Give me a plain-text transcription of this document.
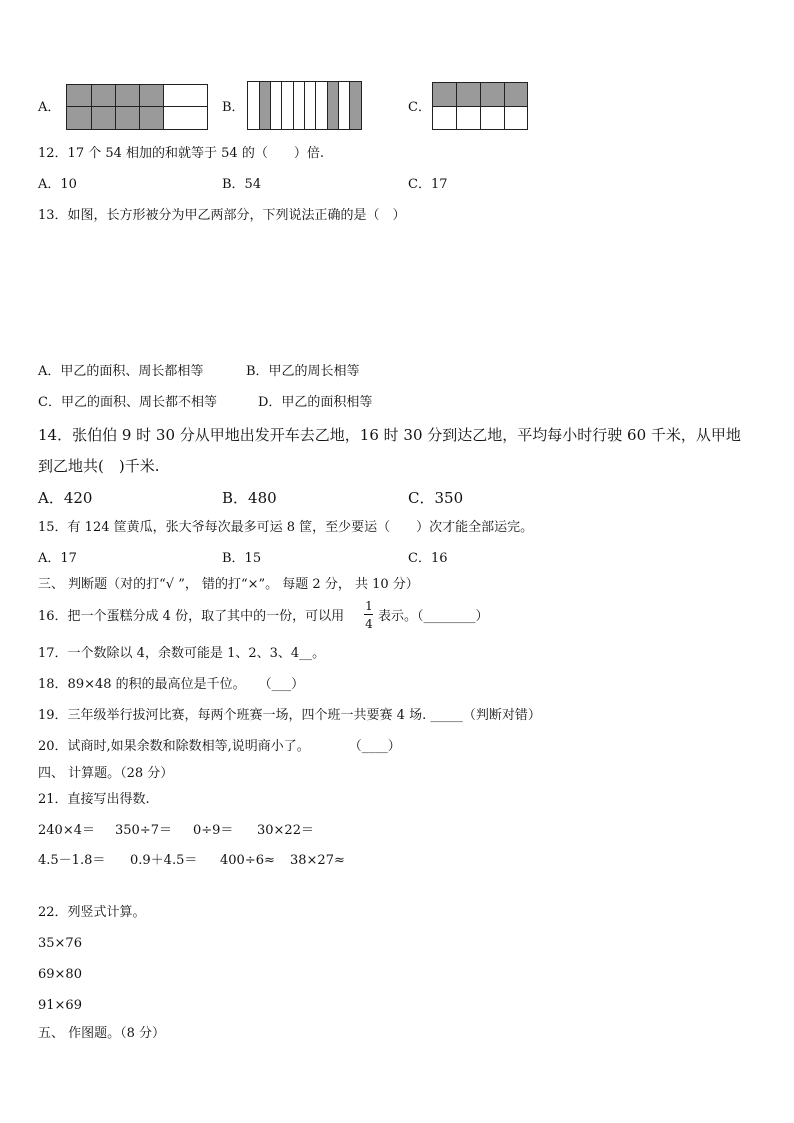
A．	B．	C．
12．17 个 54 相加的和就等于 54 的（　　）倍.
A．10	B．54	C．17
13．如图，长方形被分为甲乙两部分，下列说法正确的是（　）
A．甲乙的面积、周长都相等	B．甲乙的周长相等
C．甲乙的面积、周长都不相等	D．甲乙的面积相等
14．张伯伯 9 时 30 分从甲地出发开车去乙地，16 时 30 分到达乙地，平均每小时行驶 60 千米，从甲地
到乙地共(　)千米.
A．420	B．480	C．350
15．有 124 筐黄瓜，张大爷每次最多可运 8 筐，至少要运（　　）次才能全部运完。
A．17	B．15	C．16
三、 判断题（对的打“√ ”， 错的打“×”。 每题 2 分， 共 10 分）
16．把一个蛋糕分成 4 份，取了其中的一份，可以用
1
4 表示。（________）
17．一个数除以 4，余数可能是 1、2、3、4__。
18．89×48 的积的最高位是千位。　　（___）
19．三年级举行拔河比赛，每两个班赛一场，四个班一共要赛 4 场. _____（判断对错）
20．试商时,如果余数和除数相等,说明商小了。　　　　（____）
四、 计算题。（28 分）
21．直接写出得数.
240×4＝ 350÷7＝ 0÷9＝ 30×22＝
4.5－1.8＝ 0.9＋4.5＝ 400÷6≈ 38×27≈
22．列竖式计算。
35×76
69×80
91×69
五、 作图题。（8 分）
